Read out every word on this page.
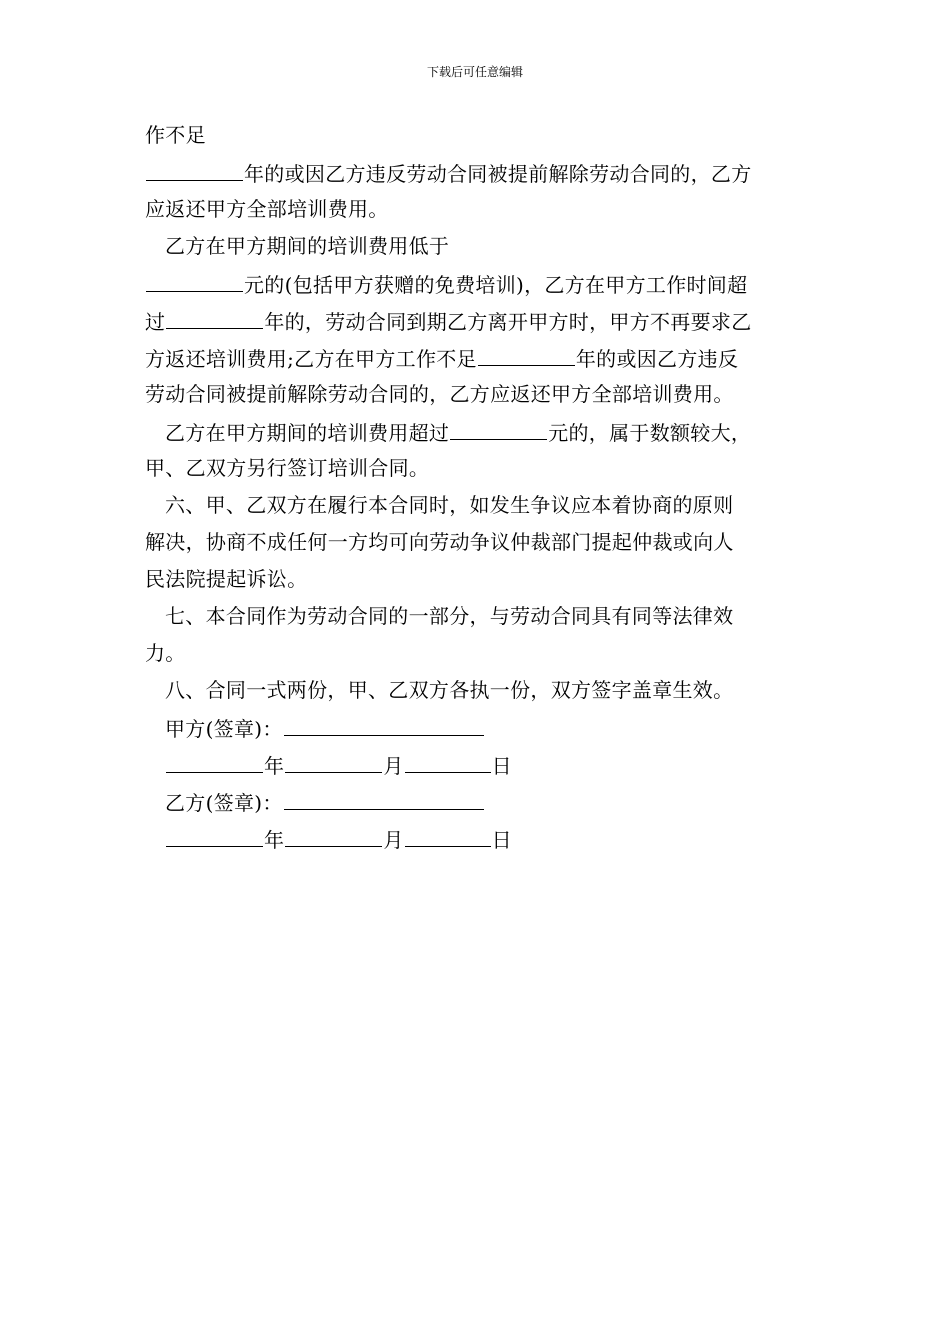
下载后可任意编辑
作不足
年的或因乙方违反劳动合同被提前解除劳动合同的，乙方
应返还甲方全部培训费用。
乙方在甲方期间的培训费用低于
元的(包括甲方获赠的免费培训)，乙方在甲方工作时间超
过	年的，劳动合同到期乙方离开甲方时，甲方不再要求乙
方返还培训费用;乙方在甲方工作不足	年的或因乙方违反
劳动合同被提前解除劳动合同的，乙方应返还甲方全部培训费用。
乙方在甲方期间的培训费用超过	元的，属于数额较大，
甲、乙双方另行签订培训合同。
六、甲、乙双方在履行本合同时，如发生争议应本着协商的原则
解决，协商不成任何一方均可向劳动争议仲裁部门提起仲裁或向人
民法院提起诉讼。
七、本合同作为劳动合同的一部分，与劳动合同具有同等法律效
力。
八、合同一式两份，甲、乙双方各执一份，双方签字盖章生效。
甲方(签章)：
年	月	日
乙方(签章)：
年	月	日
